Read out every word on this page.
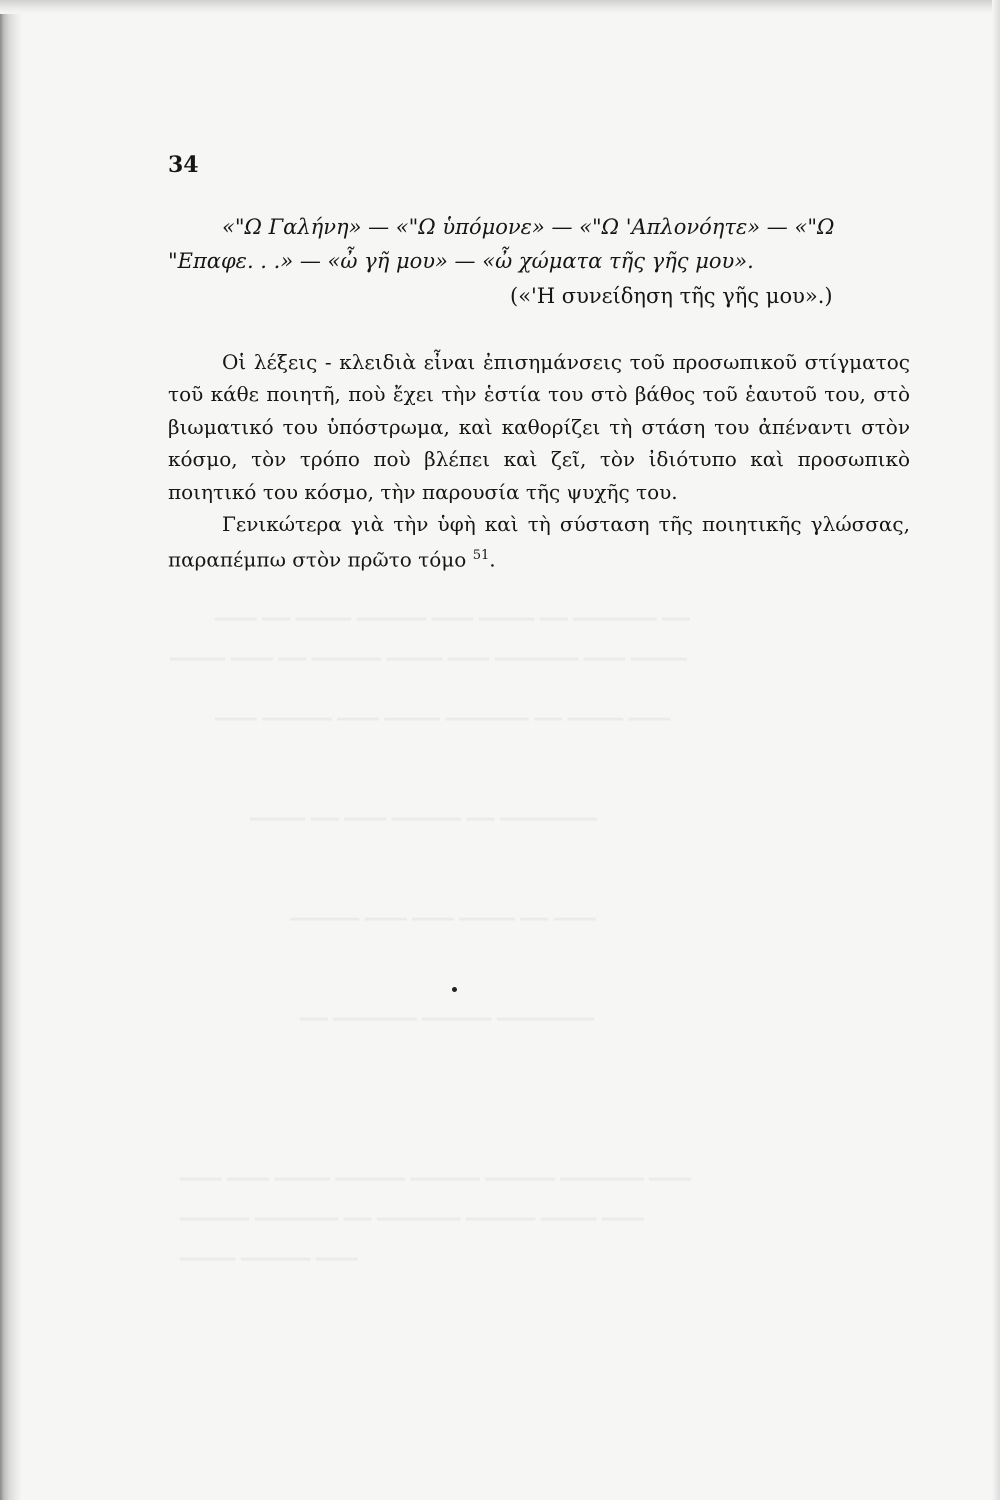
▁▁▁ ▁▁ ▁▁▁▁ ▁▁▁▁▁ ▁▁▁ ▁▁▁▁ ▁▁ ▁▁▁▁▁▁ ▁▁
▁▁▁▁ ▁▁▁ ▁▁ ▁▁▁▁▁ ▁▁▁▁ ▁▁▁ ▁▁▁▁▁▁ ▁▁▁ ▁▁▁▁
▁▁▁ ▁▁▁▁▁ ▁▁▁ ▁▁▁▁ ▁▁▁▁▁▁ ▁▁ ▁▁▁▁ ▁▁▁
▁▁▁▁ ▁▁ ▁▁▁ ▁▁▁▁▁ ▁▁ ▁▁▁▁▁▁▁
▁▁▁▁▁ ▁▁▁ ▁▁▁ ▁▁▁▁ ▁▁ ▁▁▁
▁▁ ▁▁▁▁▁▁ ▁▁▁▁▁ ▁▁▁▁▁▁▁
▁▁▁ ▁▁▁ ▁▁▁▁ ▁▁▁▁▁ ▁▁▁▁▁ ▁▁▁▁▁ ▁▁▁▁▁▁ ▁▁▁
▁▁▁▁▁ ▁▁▁▁▁▁ ▁▁ ▁▁▁▁▁▁ ▁▁▁▁▁ ▁▁▁▁ ▁▁▁
▁▁▁▁ ▁▁▁▁▁ ▁▁▁
34
«"Ω Γαλήνη» — «"Ω ὑπόμονε» — «"Ω 'Απλονόητε» — «"Ω
"Επαφε. . .» — «ὦ γῆ μου» — «ὦ χώματα τῆς γῆς μου».
(«'Η συνείδηση τῆς γῆς μου».)

Οἱ λέξεις - κλειδιὰ εἶναι ἐπισημάνσεις τοῦ προσωπικοῦ στίγματος τοῦ κάθε ποιητῆ, ποὺ ἔχει τὴν ἑστία του στὸ βάθος τοῦ ἑαυτοῦ του, στὸ βιωματικό του ὑπόστρωμα, καὶ καθορίζει τὴ στάση του ἀπέναντι στὸν κόσμο, τὸν τρόπο ποὺ βλέπει καὶ ζεῖ, τὸν ἰδιότυπο καὶ προσωπικὸ ποιητικό του κόσμο, τὴν παρουσία τῆς ψυχῆς του.

Γενικώτερα γιὰ τὴν ὑφὴ καὶ τὴ σύσταση τῆς ποιητικῆς γλώσσας, παραπέμπω στὸν πρῶτο τόμο $^{51}$.
